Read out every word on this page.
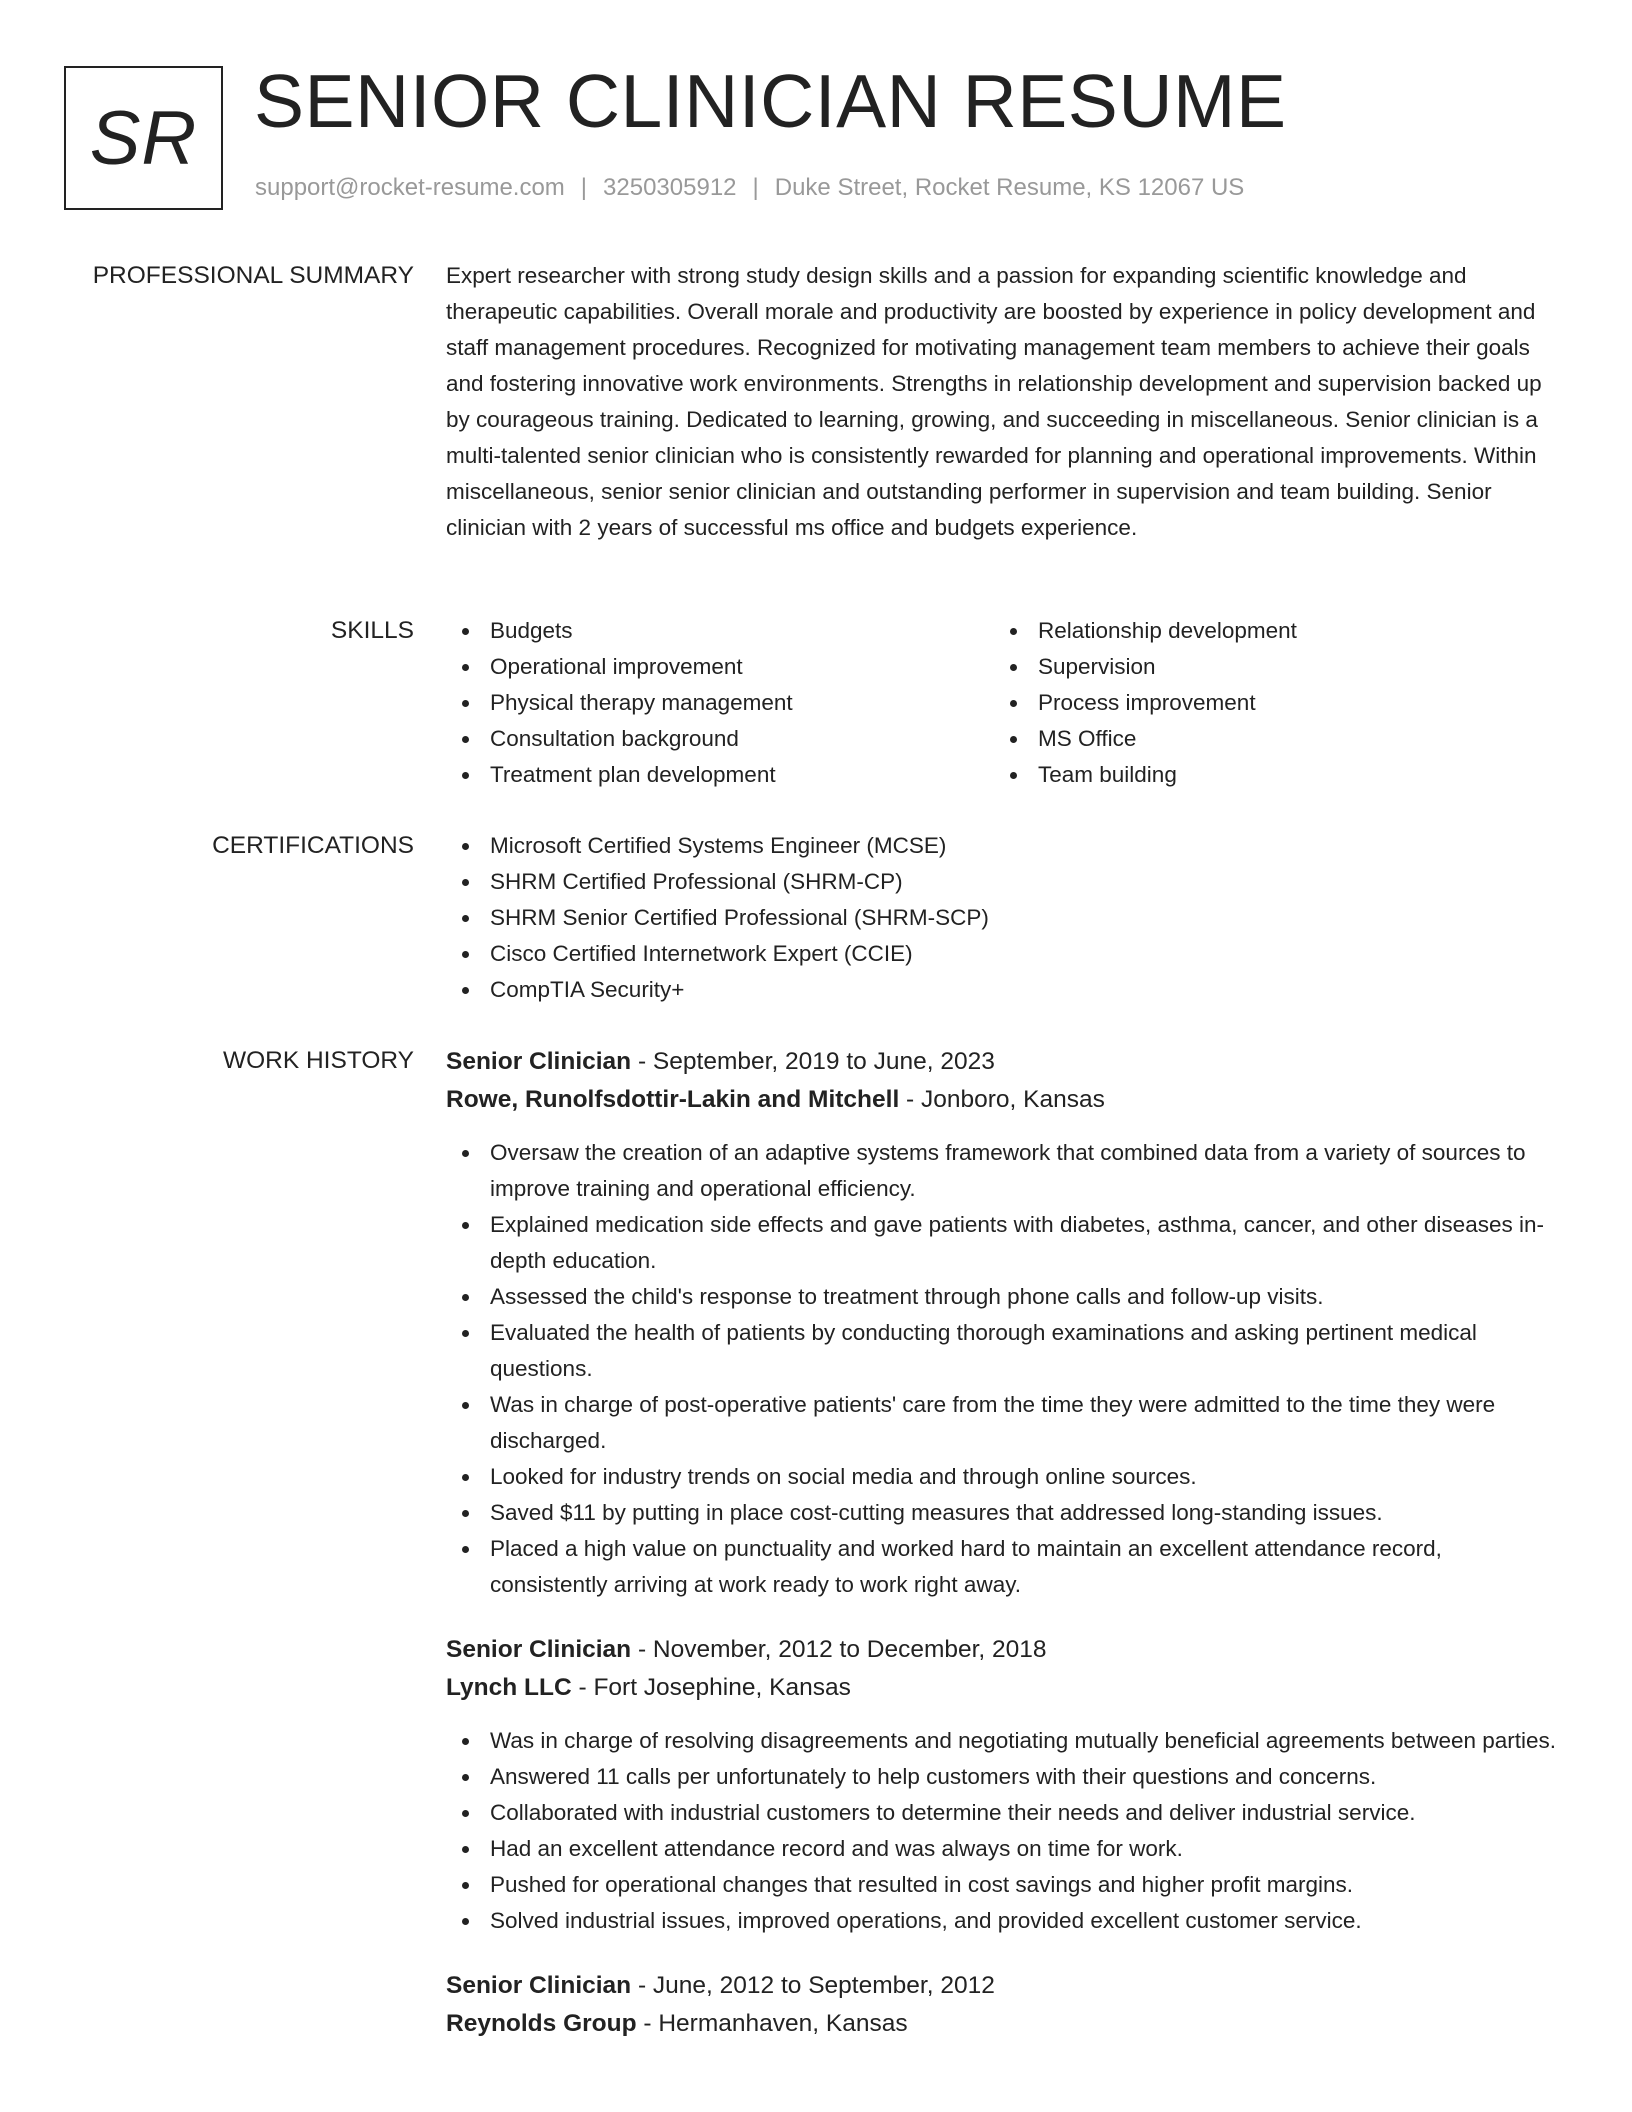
SR SENIOR CLINICIAN RESUME
support@rocket-resume.com | 3250305912 | Duke Street, Rocket Resume, KS 12067 US
PROFESSIONAL SUMMARY Expert researcher with strong study design skills and a passion for expanding scientific knowledge and therapeutic capabilities. Overall morale and productivity are boosted by experience in policy development and staff management procedures. Recognized for motivating management team members to achieve their goals and fostering innovative work environments. Strengths in relationship development and supervision backed up by courageous training. Dedicated to learning, growing, and succeeding in miscellaneous. Senior clinician is a multi-talented senior clinician who is consistently rewarded for planning and operational improvements. Within miscellaneous, senior senior clinician and outstanding performer in supervision and team building. Senior clinician with 2 years of successful ms office and budgets experience.

SKILLS	Budgets
Operational improvement
Physical therapy management
Consultation background
Treatment plan development
Relationship development
Supervision
Process improvement
MS Office
Team building
CERTIFICATIONS	Microsoft Certified Systems Engineer (MCSE)
SHRM Certified Professional (SHRM-CP)
SHRM Senior Certified Professional (SHRM-SCP)
Cisco Certified Internetwork Expert (CCIE)
CompTIA Security+
WORK HISTORY Senior Clinician - September, 2019 to June, 2023
Rowe, Runolfsdottir-Lakin and Mitchell - Jonboro, Kansas
Oversaw the creation of an adaptive systems framework that combined data from a variety of sources to improve training and operational efficiency.
Explained medication side effects and gave patients with diabetes, asthma, cancer, and other diseases in-depth education.
Assessed the child's response to treatment through phone calls and follow-up visits.
Evaluated the health of patients by conducting thorough examinations and asking pertinent medical questions.
Was in charge of post-operative patients' care from the time they were admitted to the time they were discharged.
Looked for industry trends on social media and through online sources.
Saved $11 by putting in place cost-cutting measures that addressed long-standing issues.
Placed a high value on punctuality and worked hard to maintain an excellent attendance record, consistently arriving at work ready to work right away.
Senior Clinician - November, 2012 to December, 2018
Lynch LLC - Fort Josephine, Kansas
Was in charge of resolving disagreements and negotiating mutually beneficial agreements between parties.
Answered 11 calls per unfortunately to help customers with their questions and concerns.
Collaborated with industrial customers to determine their needs and deliver industrial service.
Had an excellent attendance record and was always on time for work.
Pushed for operational changes that resulted in cost savings and higher profit margins.
Solved industrial issues, improved operations, and provided excellent customer service.
Senior Clinician - June, 2012 to September, 2012
Reynolds Group - Hermanhaven, Kansas
